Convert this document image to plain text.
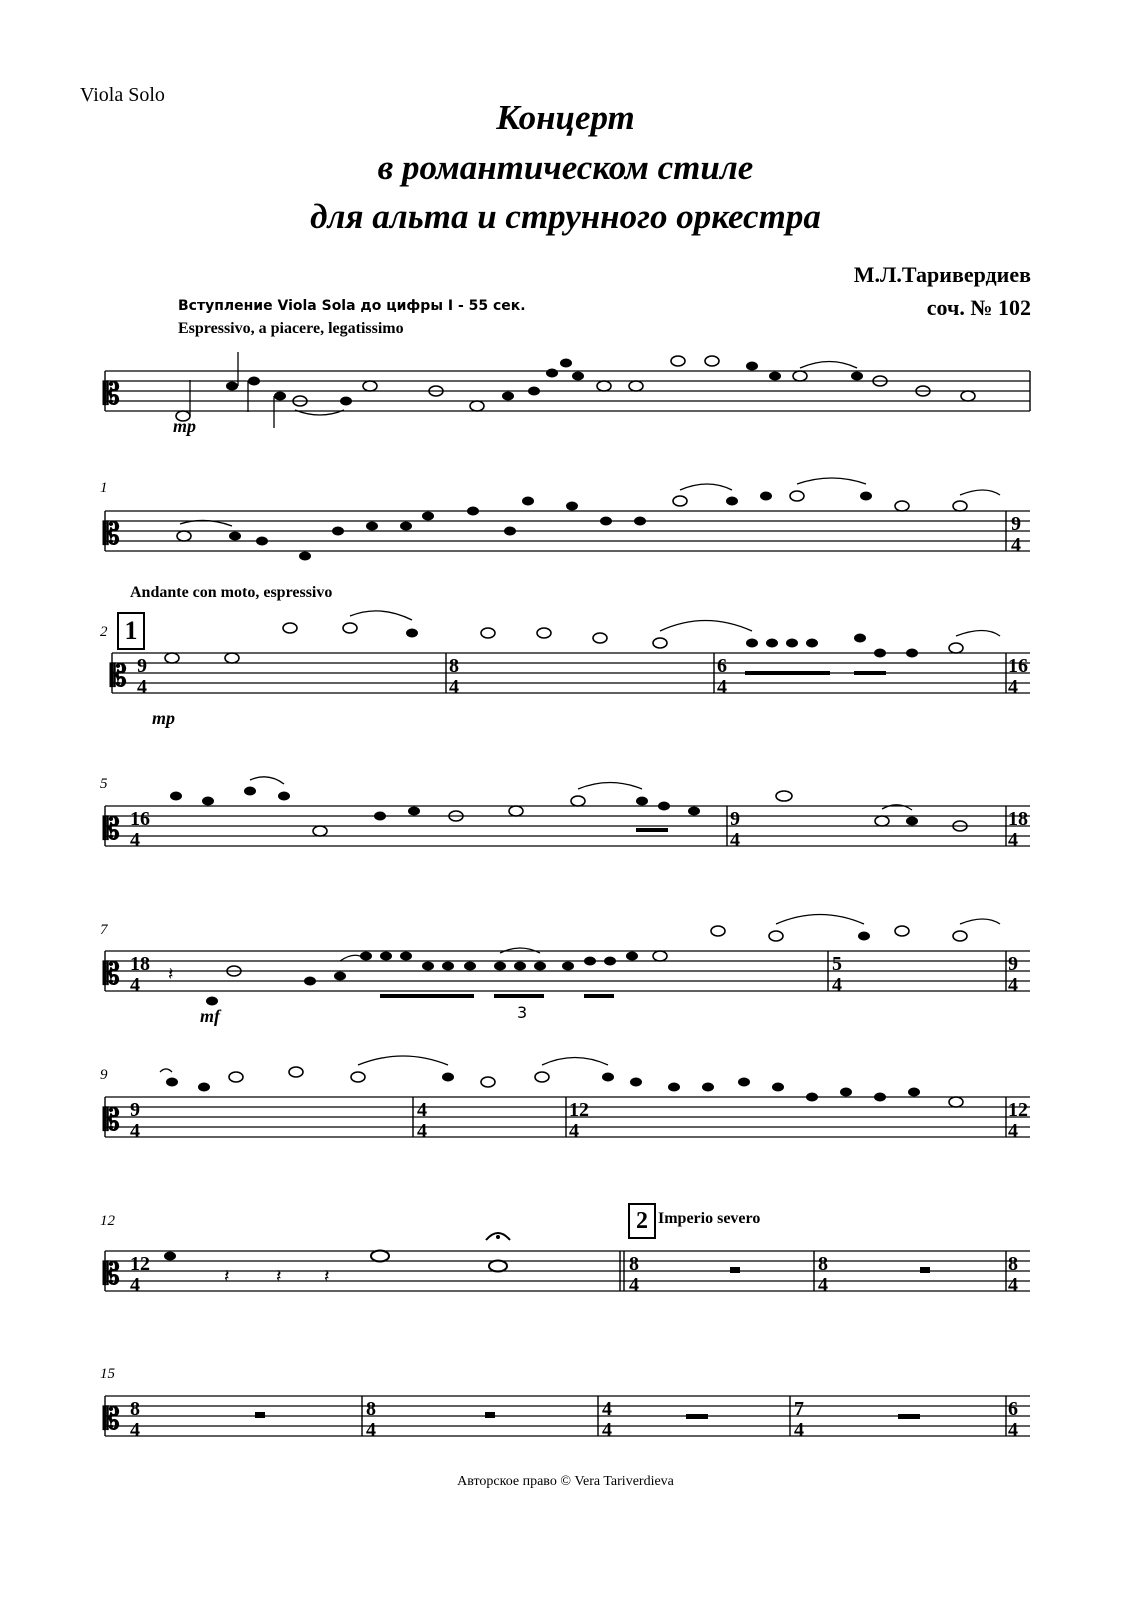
Viola Solo
Концерт
в романтическом стиле
для альта и струнного оркестра
М.Л.Таривердиев
соч. № 102
Вступление Viola Sola до цифры I - 55 сек.
Espressivo, a piacere, legatissimo
Andante con moto, espressivo
1
2 Imperio severo
1
2
5
7
9
12
15
Авторское право © Vera Tariverdieva
𝄡
mp
𝄡	9
4
𝄡 9
4
8
4
6
4
16
4
mp
𝄡 16
4
9
4
18
4
𝄡 18
4
5
4
9
4
𝄽
3
mf
𝄡 9
4
4
4
12
4
12
4
𝄡 12
4
8
4
8
4
8
4
𝄽	𝄽 𝄽
𝄡 8
4
8
4
4
4
7
4
6
4
